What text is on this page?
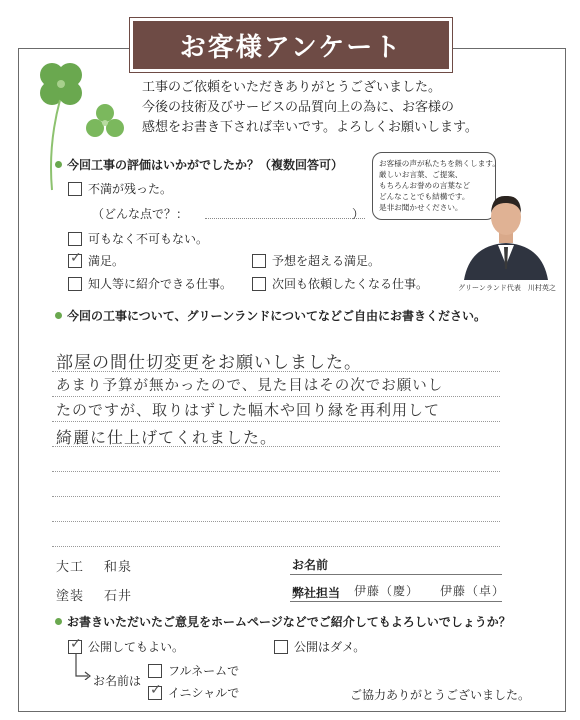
お客様アンケート
工事のご依頼をいただきありがとうございました。
今後の技術及びサービスの品質向上の為に、お客様の
感想をお書き下されば幸いです。よろしくお願いします。
今回工事の評価はいかがでしたか？（複数回答可）
不満が残った。
（どんな点で？：	）
可もなく不可もない。
✓
満足。	予想を超える満足。
知人等に紹介できる仕事。	次回も依頼したくなる仕事。
お客様の声が私たちを熱くします。
厳しいお言葉、ご提案、
もちろんお誉めの言葉など
どんなことでも結構です。
是非お聞かせください。
グリーンランド代表　川村英之
今回の工事について、グリーンランドについてなどご自由にお書きください。
部屋の間仕切変更をお願いしました。
あまり予算が無かったので、見た目はその次でお願いし
たのですが、取りはずした幅木や回り縁を再利用して
綺麗に仕上げてくれました。
大工 和泉
塗装 石井
お名前
弊社担当 伊藤（慶） 伊藤（卓）
お書きいただいたご意見をホームページなどでご紹介してもよろしいでしょうか？
✓
公開してもよい。	公開はダメ。
お名前は
フルネームで
✓
イニシャルで	ご協力ありがとうございました。
